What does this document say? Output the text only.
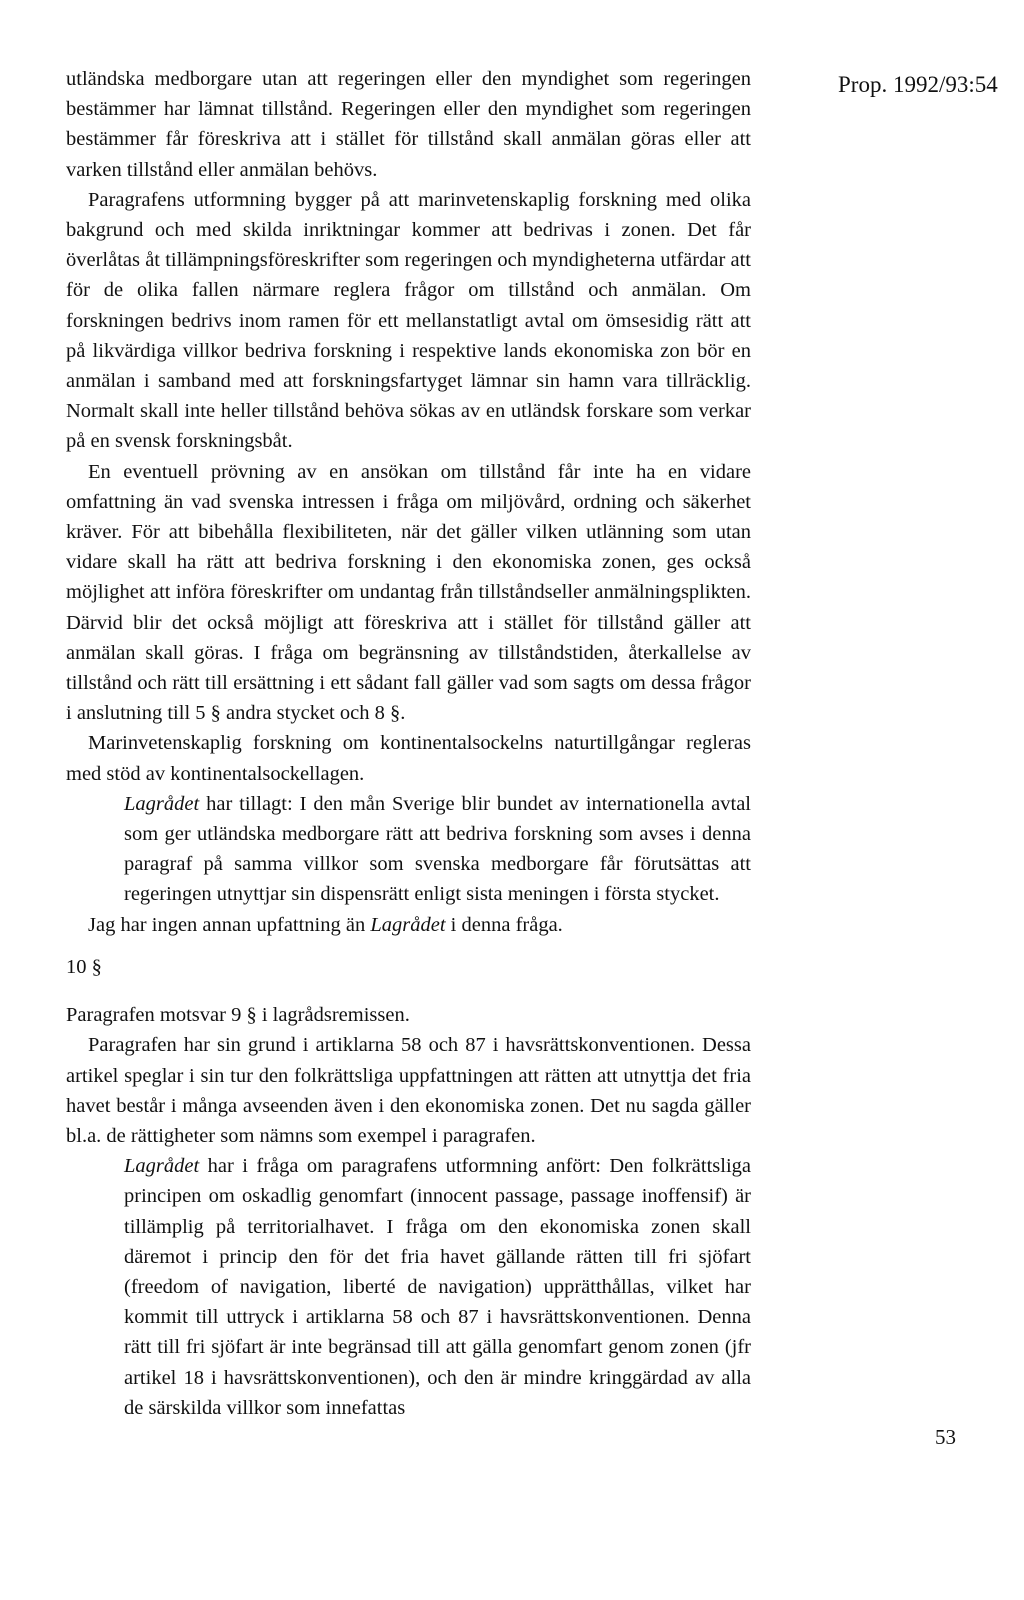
Prop. 1992/93:54

utländska medborgare utan att regeringen eller den myndighet som regeringen bestämmer har lämnat tillstånd. Regeringen eller den myndighet som regeringen bestämmer får föreskriva att i stället för tillstånd skall anmälan göras eller att varken tillstånd eller anmälan behövs.

Paragrafens utformning bygger på att marinvetenskaplig forskning med olika bakgrund och med skilda inriktningar kommer att bedrivas i zonen. Det får överlåtas åt tillämpningsföreskrifter som regeringen och myndigheterna utfärdar att för de olika fallen närmare reglera frågor om tillstånd och anmälan. Om forskningen bedrivs inom ramen för ett mellanstatligt avtal om ömsesidig rätt att på likvärdiga villkor bedriva forskning i respektive lands ekonomiska zon bör en anmälan i samband med att forskningsfartyget lämnar sin hamn vara tillräcklig. Normalt skall inte heller tillstånd behöva sökas av en utländsk forskare som verkar på en svensk forskningsbåt.

En eventuell prövning av en ansökan om tillstånd får inte ha en vidare omfattning än vad svenska intressen i fråga om miljövård, ordning och säkerhet kräver. För att bibehålla flexibiliteten, när det gäller vilken utlänning som utan vidare skall ha rätt att bedriva forskning i den ekonomiska zonen, ges också möjlighet att införa föreskrifter om undantag från tillståndseller anmälningsplikten. Därvid blir det också möjligt att föreskriva att i stället för tillstånd gäller att anmälan skall göras. I fråga om begränsning av tillståndstiden, återkallelse av tillstånd och rätt till ersättning i ett sådant fall gäller vad som sagts om dessa frågor i anslutning till 5 § andra stycket och 8 §.

Marinvetenskaplig forskning om kontinentalsockelns naturtillgångar regleras med stöd av kontinentalsockellagen.

Lagrådet har tillagt: I den mån Sverige blir bundet av internationella avtal som ger utländska medborgare rätt att bedriva forskning som avses i denna paragraf på samma villkor som svenska medborgare får förutsättas att regeringen utnyttjar sin dispensrätt enligt sista meningen i första stycket.

Jag har ingen annan upfattning än Lagrådet i denna fråga.

10 §

Paragrafen motsvar 9 § i lagrådsremissen.

Paragrafen har sin grund i artiklarna 58 och 87 i havsrättskonventionen. Dessa artikel speglar i sin tur den folkrättsliga uppfattningen att rätten att utnyttja det fria havet består i många avseenden även i den ekonomiska zonen. Det nu sagda gäller bl.a. de rättigheter som nämns som exempel i paragrafen.

Lagrådet har i fråga om paragrafens utformning anfört: Den folkrättsliga principen om oskadlig genomfart (innocent passage, passage inoffensif) är tillämplig på territorialhavet. I fråga om den ekonomiska zonen skall däremot i princip den för det fria havet gällande rätten till fri sjöfart (freedom of navigation, liberté de navigation) upprätthållas, vilket har kommit till uttryck i artiklarna 58 och 87 i havsrättskonventionen. Denna rätt till fri sjöfart är inte begränsad till att gälla genomfart genom zonen (jfr artikel 18 i havsrättskonventionen), och den är mindre kringgärdad av alla de särskilda villkor som innefattas

53
